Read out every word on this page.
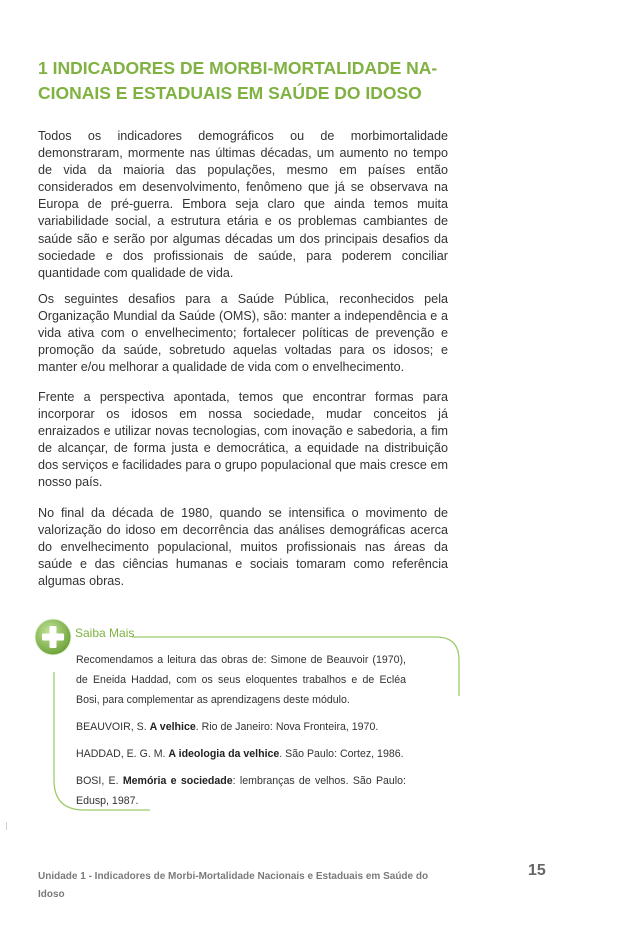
1 INDICADORES DE MORBI-MORTALIDADE NA-
CIONAIS E ESTADUAIS EM SAÚDE DO IDOSO

Todos os indicadores demográficos ou de morbimortalidade demonstraram, mormente nas últimas décadas, um aumento no tempo de vida da maioria das populações, mesmo em países então considerados em desenvolvimento, fenômeno que já se observava na Europa de pré-guerra. Embora seja claro que ainda temos muita variabilidade social, a estrutura etária e os problemas cambiantes de saúde são e serão por algumas décadas um dos principais desafios da sociedade e dos profissionais de saúde, para poderem conciliar quantidade com qualidade de vida.

Os seguintes desafios para a Saúde Pública, reconhecidos pela Organização Mundial da Saúde (OMS), são: manter a independência e a vida ativa com o envelhecimento; fortalecer políticas de prevenção e promoção da saúde, sobretudo aquelas voltadas para os idosos; e manter e/ou melhorar a qualidade de vida com o envelhecimento.

Frente a perspectiva apontada, temos que encontrar formas para incorporar os idosos em nossa sociedade, mudar conceitos já enraizados e utilizar novas tecnologias, com inovação e sabedoria, a fim de alcançar, de forma justa e democrática, a equidade na distribuição dos serviços e facilidades para o grupo populacional que mais cresce em nosso país.

No final da década de 1980, quando se intensifica o movimento de valorização do idoso em decorrência das análises demográficas acerca do envelhecimento populacional, muitos profissionais nas áreas da saúde e das ciências humanas e sociais tomaram como referência algumas obras.

Saiba Mais

Recomendamos a leitura das obras de: Simone de Beauvoir (1970), de Eneida Haddad, com os seus eloquentes trabalhos e de Ecléa Bosi, para complementar as aprendizagens deste módulo.

BEAUVOIR, S. A velhice. Rio de Janeiro: Nova Fronteira, 1970.

HADDAD, E. G. M. A ideologia da velhice. São Paulo: Cortez, 1986.

BOSI, E. Memória e sociedade: lembranças de velhos. São Paulo: Edusp, 1987.

Unidade 1 - Indicadores de Morbi-Mortalidade Nacionais e Estaduais em Saúde do Idoso
15
